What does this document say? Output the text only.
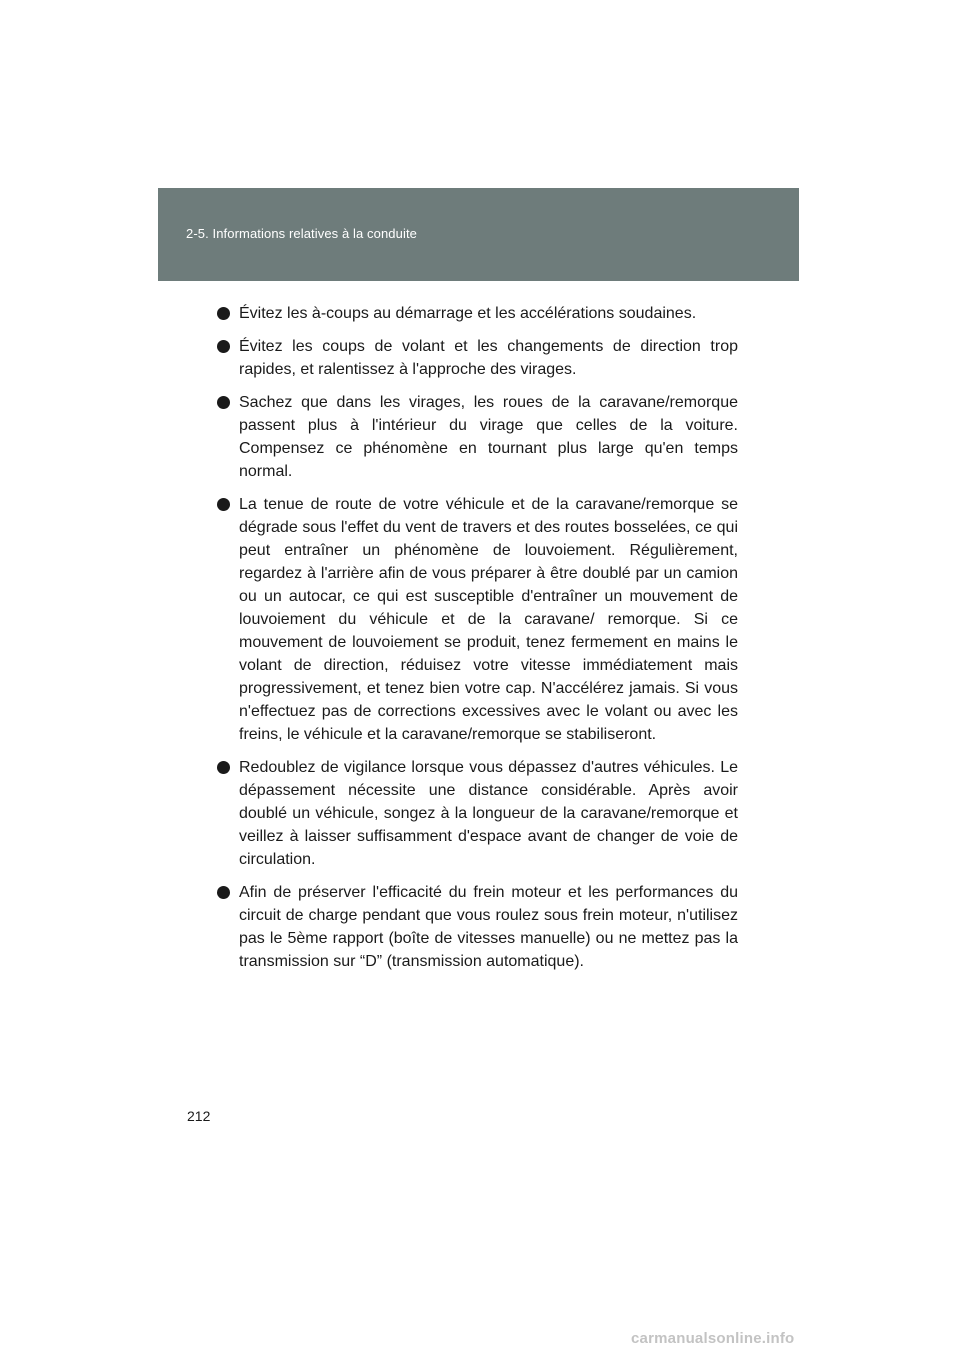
2-5. Informations relatives à la conduite
Évitez les à-coups au démarrage et les accélérations soudaines.
Évitez les coups de volant et les changements de direction trop rapides, et ralentissez à l'approche des virages.
Sachez que dans les virages, les roues de la caravane/remorque passent plus à l'intérieur du virage que celles de la voiture. Compensez ce phénomène en tournant plus large qu'en temps normal.
La tenue de route de votre véhicule et de la caravane/remorque se dégrade sous l'effet du vent de travers et des routes bosselées, ce qui peut entraîner un phénomène de louvoiement. Régulièrement, regardez à l'arrière afin de vous préparer à être doublé par un camion ou un autocar, ce qui est susceptible d'entraîner un mouvement de louvoiement du véhicule et de la caravane/ remorque. Si ce mouvement de louvoiement se produit, tenez fermement en mains le volant de direction, réduisez votre vitesse immédiatement mais progressivement, et tenez bien votre cap. N'accélérez jamais. Si vous n'effectuez pas de corrections excessives avec le volant ou avec les freins, le véhicule et la caravane/remorque se stabiliseront.
Redoublez de vigilance lorsque vous dépassez d'autres véhicules. Le dépassement nécessite une distance considérable. Après avoir doublé un véhicule, songez à la longueur de la caravane/remorque et veillez à laisser suffisamment d'espace avant de changer de voie de circulation.
Afin de préserver l'efficacité du frein moteur et les performances du circuit de charge pendant que vous roulez sous frein moteur, n'utilisez pas le 5ème rapport (boîte de vitesses manuelle) ou ne mettez pas la transmission sur “D” (transmission automatique).
212
carmanualsonline.info
